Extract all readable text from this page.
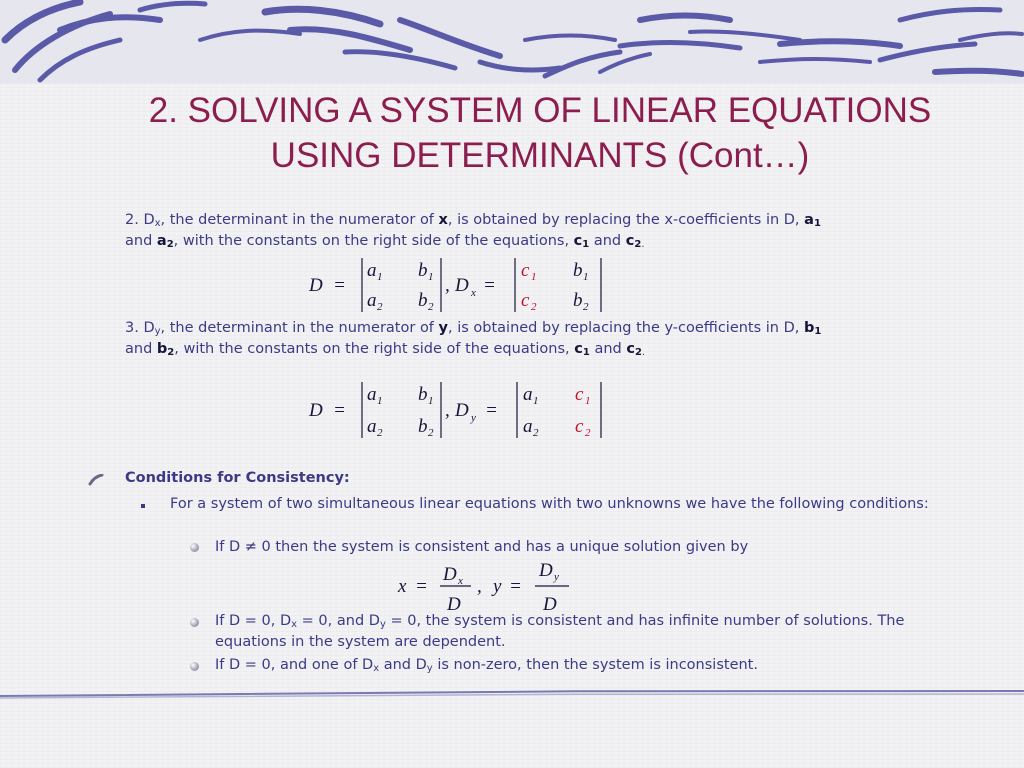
2. SOLVING A SYSTEM OF LINEAR EQUATIONS
USING DETERMINANTS (Cont…)
2. $D_x$, the determinant in the numerator of x, is obtained by replacing the x-coefficients in D, $a_1$
and $a_2$, with the constants on the right side of the equations, $c_1$ and $c_{2.}$
D =
a 1 b 1
a 2 b 2
, D x =
c 1 b 1
c 2 b 2
3. $D_y$, the determinant in the numerator of y, is obtained by replacing the y-coefficients in D, $b_1$
and $b_2$, with the constants on the right side of the equations, $c_1$ and $c_{2.}$
D =
a 1 b 1
a 2 b 2
, D y =
a 1 c 1
a 2 c 2
Conditions for Consistency:
For a system of two simultaneous linear equations with two unknowns we have the following conditions:
If D ≠ 0 then the system is consistent and has a unique solution given by
x =
D x
D
, y =
D y
D
If D = 0, $D_x = 0$, and $D_y = 0$, the system is consistent and has infinite number of solutions. The equations in the system are dependent.
If D = 0, and one of $D_x$ and $D_y$ is non-zero, then the system is inconsistent.
